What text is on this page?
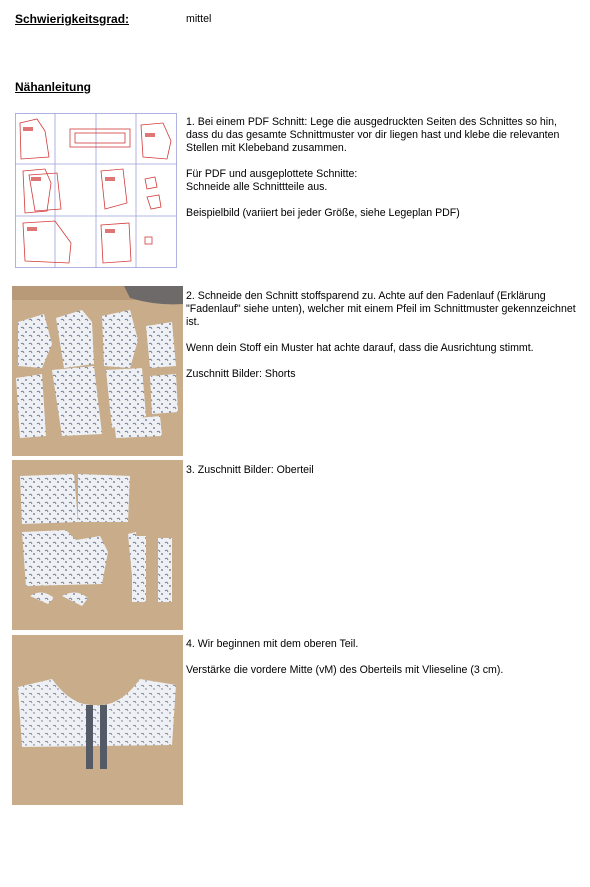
Schwierigkeitsgrad:	mittel
Nähanleitung

1. Bei einem PDF Schnitt: Lege die ausgedruckten Seiten des Schnittes so hin, dass du das gesamte Schnittmuster vor dir liegen hast und klebe die relevanten Stellen mit Klebeband zusammen.

Für PDF und ausgeplottete Schnitte:
Schneide alle Schnittteile aus.

Beispielbild (variiert bei jeder Größe, siehe Legeplan PDF)

2. Schneide den Schnitt stoffsparend zu. Achte auf den Fadenlauf (Erklärung "Fadenlauf" siehe unten), welcher mit einem Pfeil im Schnittmuster gekennzeichnet ist.

Wenn dein Stoff ein Muster hat achte darauf, dass die Ausrichtung stimmt.

Zuschnitt Bilder: Shorts

3. Zuschnitt Bilder: Oberteil

4. Wir beginnen mit dem oberen Teil.

Verstärke die vordere Mitte (vM) des Oberteils mit Vlieseline (3 cm).
